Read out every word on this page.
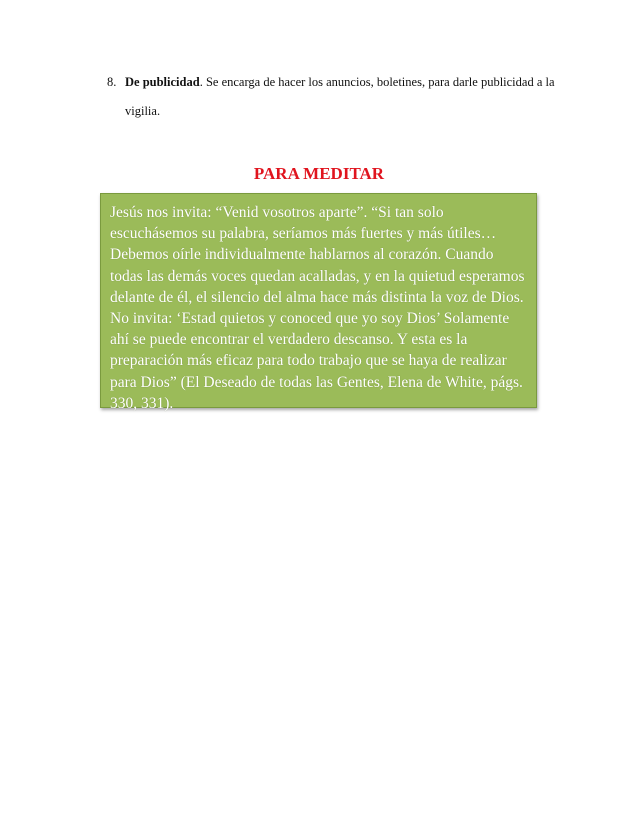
8. De publicidad. Se encarga de hacer los anuncios, boletines, para darle publicidad a la vigilia.
PARA MEDITAR
Jesús nos invita: “Venid vosotros aparte”. “Si tan solo escuchásemos su palabra, seríamos más fuertes y más útiles… Debemos oírle individualmente hablarnos al corazón. Cuando todas las demás voces quedan acalladas, y en la quietud esperamos delante de él, el silencio del alma hace más distinta la voz de Dios. No invita: ‘Estad quietos y conoced que yo soy Dios’ Solamente ahí se puede encontrar el verdadero descanso. Y esta es la preparación más eficaz para todo trabajo que se haya de realizar para Dios” (El Deseado de todas las Gentes, Elena de White, págs. 330, 331).
